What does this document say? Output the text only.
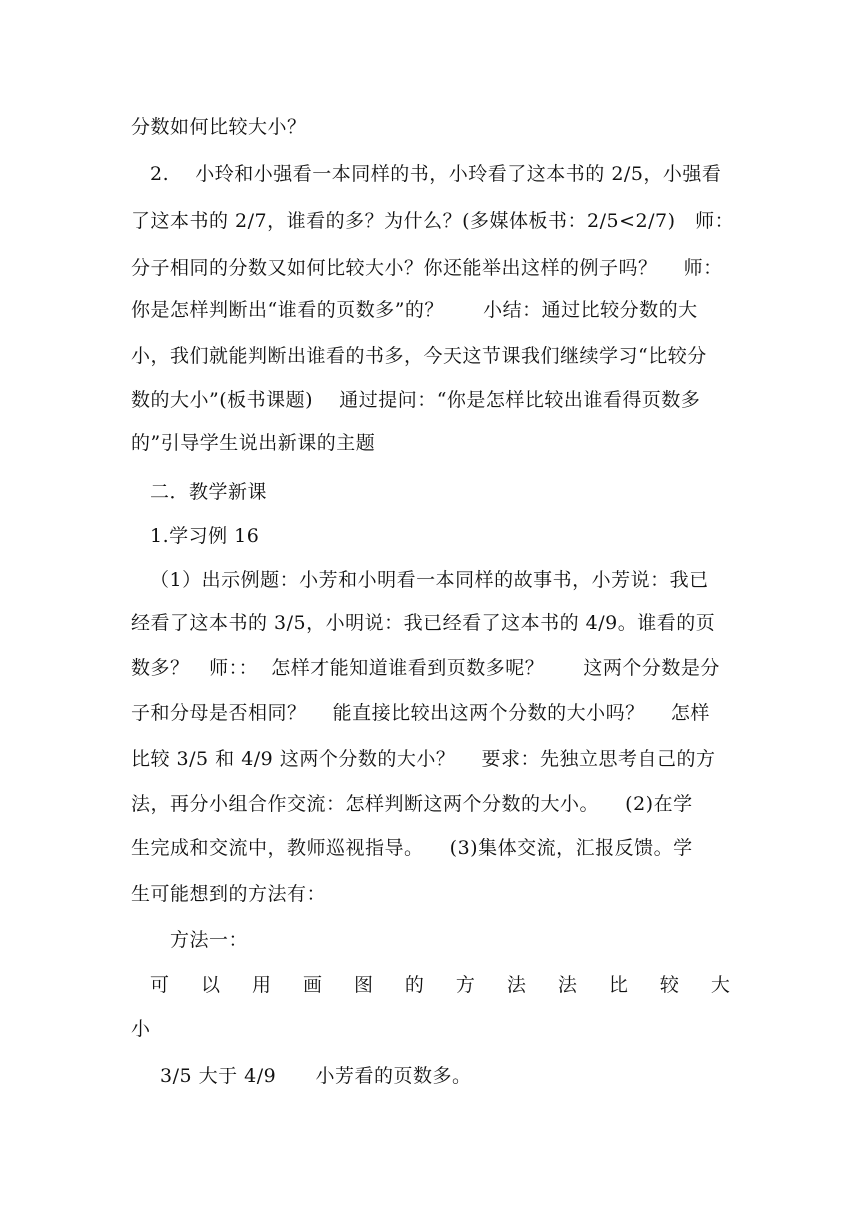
分数如何比较大小？
2.    小玲和小强看一本同样的书，小玲看了这本书的 2/5，小强看
了这本书的 2/7，谁看的多？为什么？(多媒体板书：2/5<2/7)   师：
分子相同的分数又如何比较大小？你还能举出这样的例子吗？    师：
你是怎样判断出“谁看的页数多”的？      小结：通过比较分数的大
小，我们就能判断出谁看的书多，今天这节课我们继续学习“比较分
数的大小”(板书课题)    通过提问：“你是怎样比较出谁看得页数多
的”引导学生说出新课的主题
二．教学新课
1.学习例 16
（1）出示例题：小芳和小明看一本同样的故事书，小芳说：我已
经看了这本书的 3/5，小明说：我已经看了这本书的 4/9。谁看的页
数多？   师：：  怎样才能知道谁看到页数多呢？      这两个分数是分
子和分母是否相同？    能直接比较出这两个分数的大小吗？    怎样
比较 3/5 和 4/9 这两个分数的大小？    要求：先独立思考自己的方
法，再分小组合作交流：怎样判断这两个分数的大小。    (2)在学
生完成和交流中，教师巡视指导。    (3)集体交流，汇报反馈。学
生可能想到的方法有：
方法一：
可 以 用 画 图 的 方 法 法 比 较 大
小
3/5 大于 4/9      小芳看的页数多。
